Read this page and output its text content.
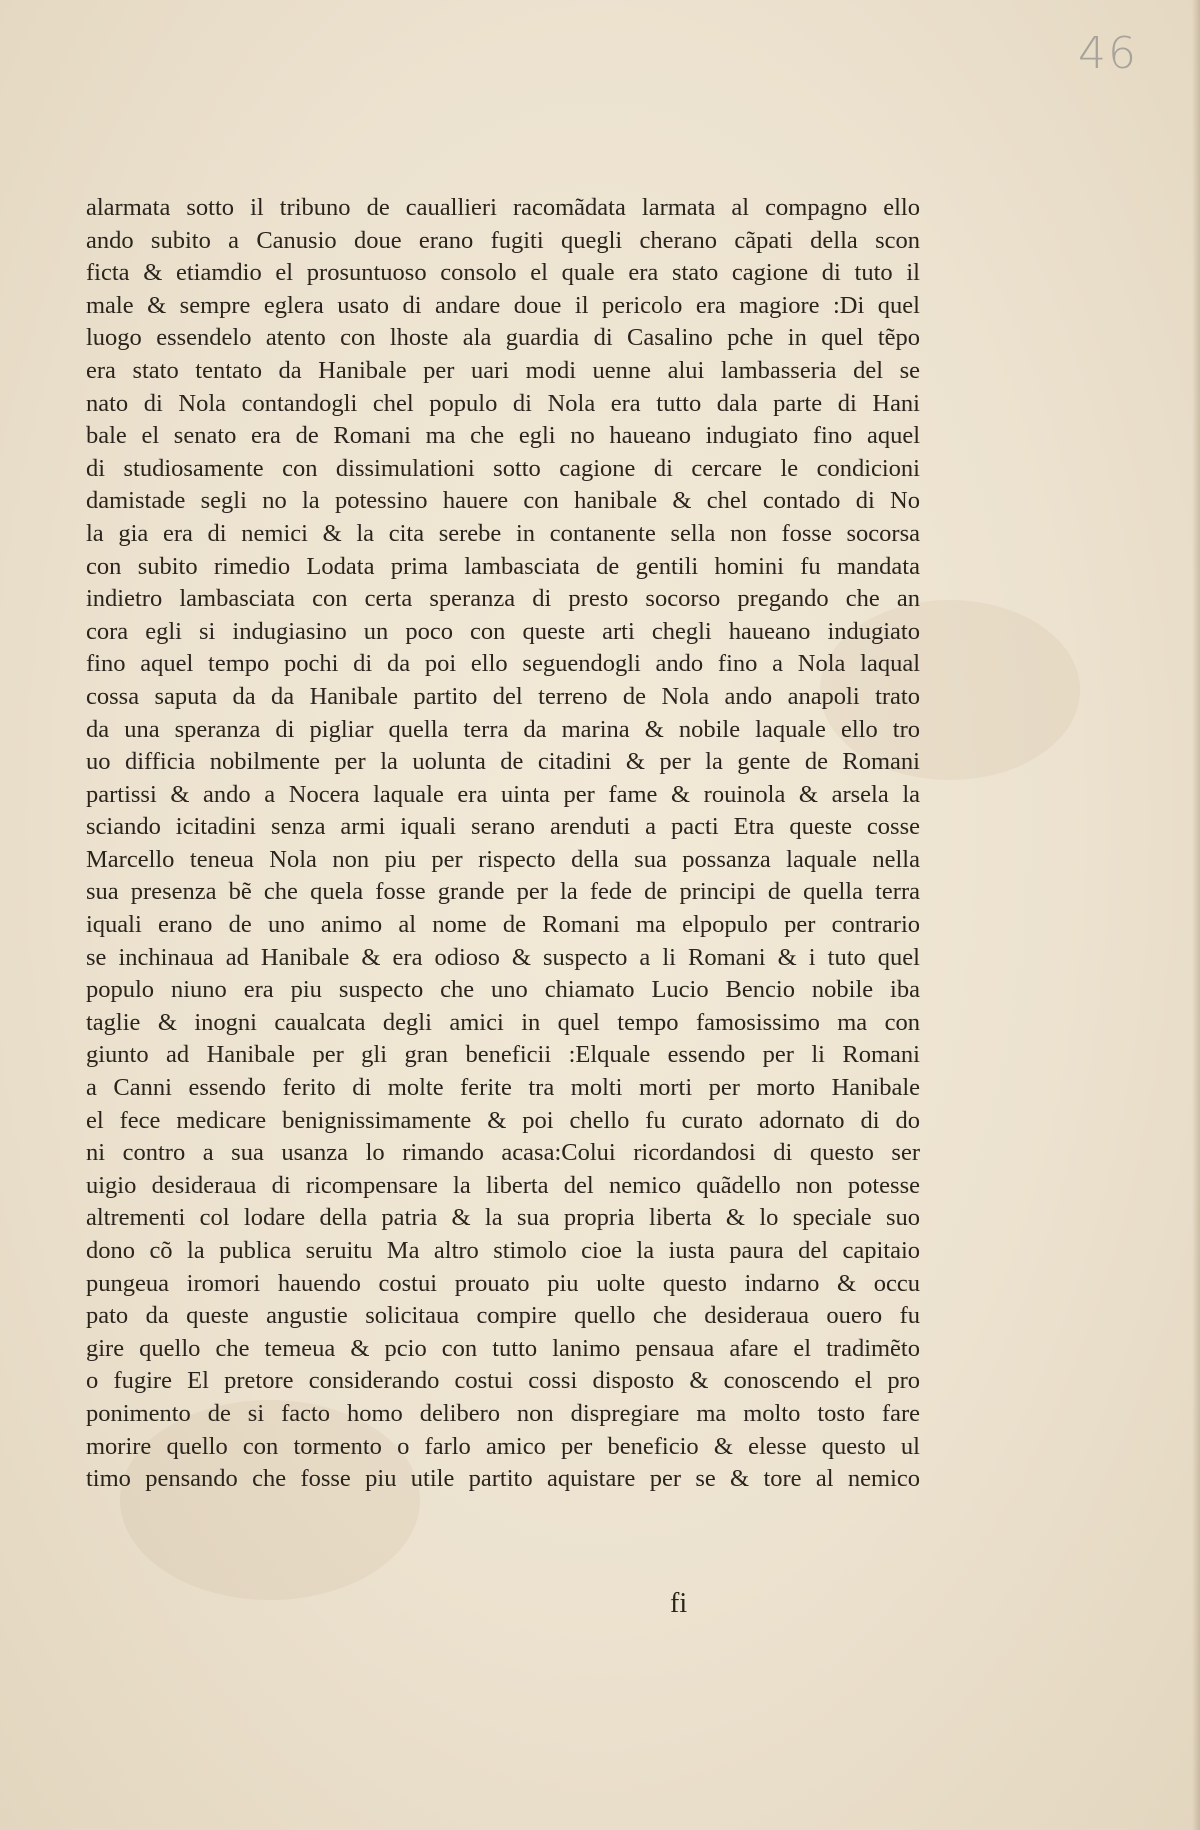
46
alarmata sotto il tribuno de cauallieri racomãdata larmata al compagno ello
ando subito a Canusio doue erano fugiti quegli cherano cãpati della scon
ficta & etiamdio el prosuntuoso consolo el quale era stato cagione di tuto il
male & sempre eglera usato di andare doue il pericolo era magiore :Di quel
luogo essendelo atento con lhoste ala guardia di Casalino pche in quel tẽpo
era stato tentato da Hanibale per uari modi uenne alui lambasseria del se
nato di Nola contandogli chel populo di Nola era tutto dala parte di Hani
bale el senato era de Romani ma che egli no haueano indugiato fino aquel
di studiosamente con dissimulationi sotto cagione di cercare le condicioni
damistade segli no la potessino hauere con hanibale & chel contado di No
la gia era di nemici & la cita serebe in contanente sella non fosse socorsa
con subito rimedio Lodata prima lambasciata de gentili homini fu mandata
indietro lambasciata con certa speranza di presto socorso pregando che an
cora egli si indugiasino un poco con queste arti chegli haueano indugiato
fino aquel tempo pochi di da poi ello seguendogli ando fino a Nola laqual
cossa saputa da da Hanibale partito del terreno de Nola ando anapoli trato
da una speranza di pigliar quella terra da marina & nobile laquale ello tro
uo difficia nobilmente per la uolunta de citadini & per la gente de Romani
partissi & ando a Nocera laquale era uinta per fame & rouinola & arsela la
sciando icitadini senza armi iquali serano arenduti a pacti Etra queste cosse
Marcello teneua Nola non piu per rispecto della sua possanza laquale nella
sua presenza bẽ che quela fosse grande per la fede de principi de quella terra
iquali erano de uno animo al nome de Romani ma elpopulo per contrario
se inchinaua ad Hanibale & era odioso & suspecto a li Romani & i tuto quel
populo niuno era piu suspecto che uno chiamato Lucio Bencio nobile iba
taglie & inogni caualcata degli amici in quel tempo famosissimo ma con
giunto ad Hanibale per gli gran beneficii :Elquale essendo per li Romani
a Canni essendo ferito di molte ferite tra molti morti per morto Hanibale
el fece medicare benignissimamente & poi chello fu curato adornato di do
ni contro a sua usanza lo rimando acasa:Colui ricordandosi di questo ser
uigio desideraua di ricompensare la liberta del nemico quãdello non potesse
altrementi col lodare della patria & la sua propria liberta & lo speciale suo
dono cõ la publica seruitu Ma altro stimolo cioe la iusta paura del capitaio
pungeua iromori hauendo costui prouato piu uolte questo indarno & occu
pato da queste angustie solicitaua compire quello che desideraua ouero fu
gire quello che temeua & pcio con tutto lanimo pensaua afare el tradimẽto
o fugire El pretore considerando costui cossi disposto & conoscendo el pro
ponimento de si facto homo delibero non dispregiare ma molto tosto fare
morire quello con tormento o farlo amico per beneficio & elesse questo ul
timo pensando che fosse piu utile partito aquistare per se & tore al nemico
fi
